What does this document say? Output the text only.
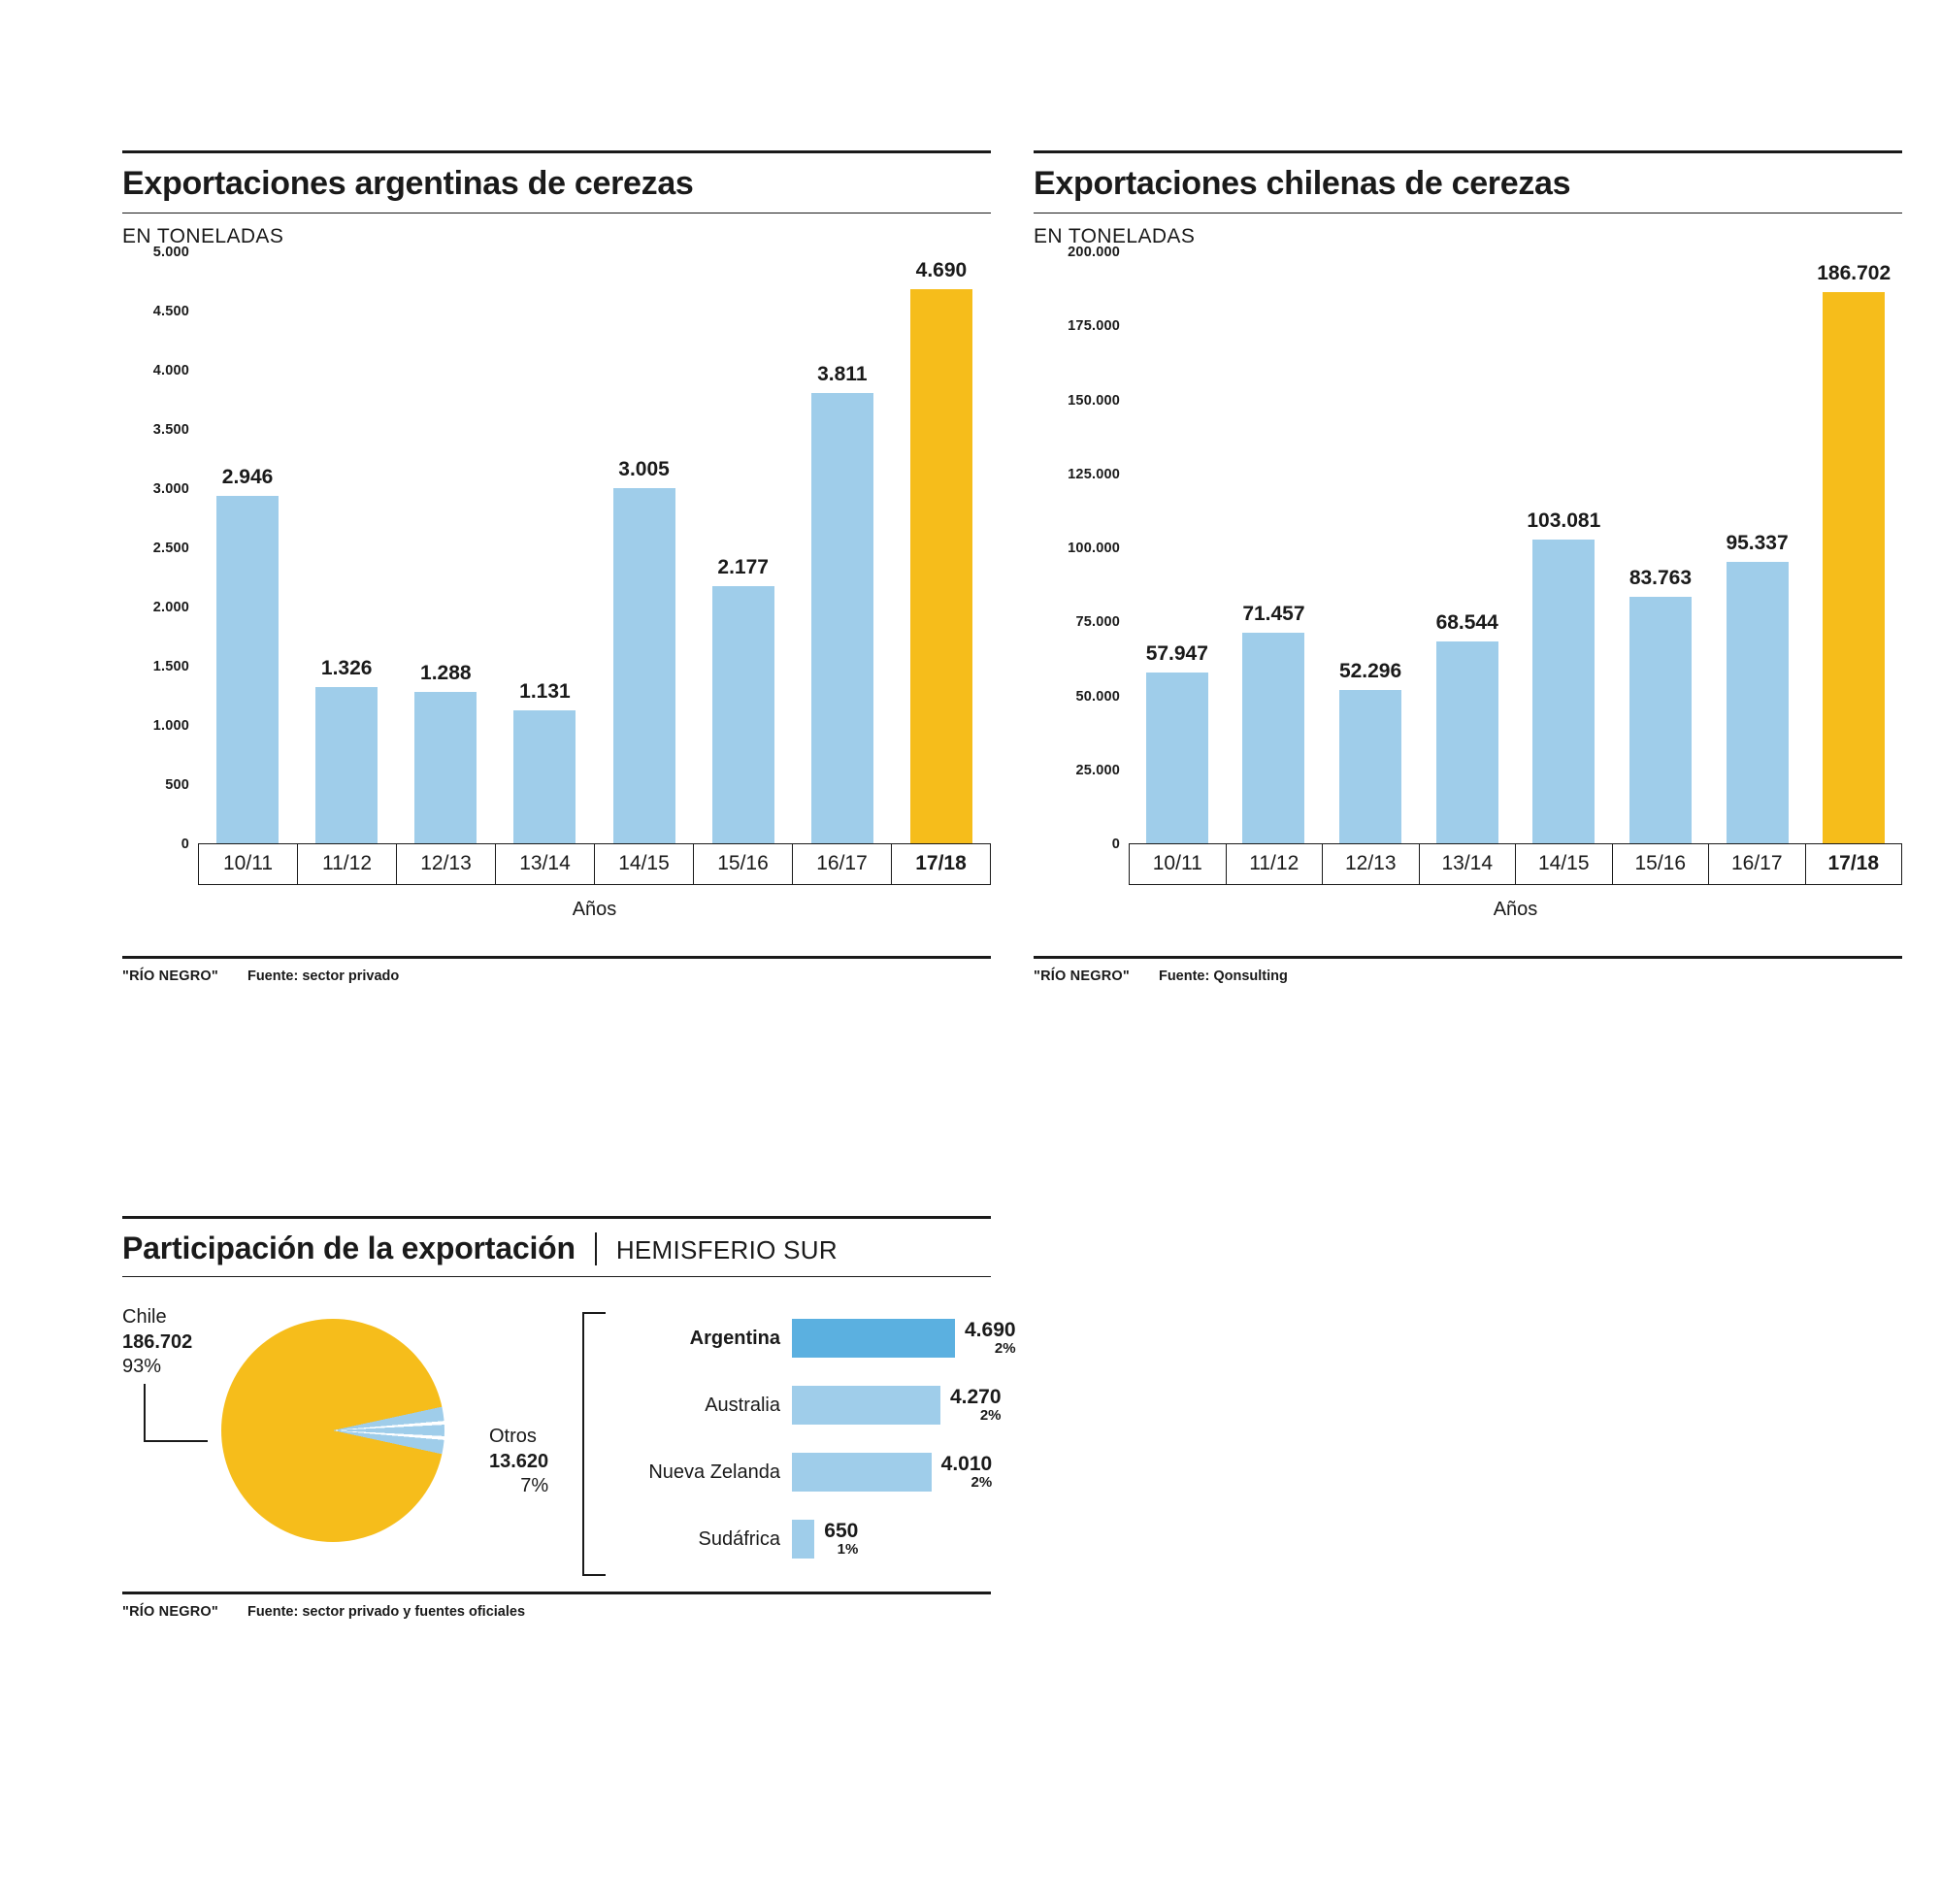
Exportaciones argentinas de cerezas
EN TONELADAS
0
500
1.000
1.500
2.000
2.500
3.000
3.500
4.000
4.500
5.000
2.946
1.326 1.288
1.131
3.005
2.177
3.811
4.690
10/11	11/12	12/13	13/14	14/15	15/16	16/17	17/18
Años
"RÍO NEGRO" Fuente: sector privado
Exportaciones chilenas de cerezas
EN TONELADAS
0
25.000
50.000
75.000
100.000
125.000
150.000
175.000
200.000
57.947
71.457
52.296
68.544
103.081
83.763
95.337
186.702
10/11	11/12	12/13	13/14	14/15	15/16	16/17	17/18
Años
"RÍO NEGRO" Fuente: Qonsulting
Participación de la exportación HEMISFERIO SUR
Chile
186.702
93%
Otros
13.620
7%
Argentina	4.690
2%
Australia	4.270
2%
Nueva Zelanda	4.010
2%
Sudáfrica	650
1%
"RÍO NEGRO" Fuente: sector privado y fuentes oficiales
